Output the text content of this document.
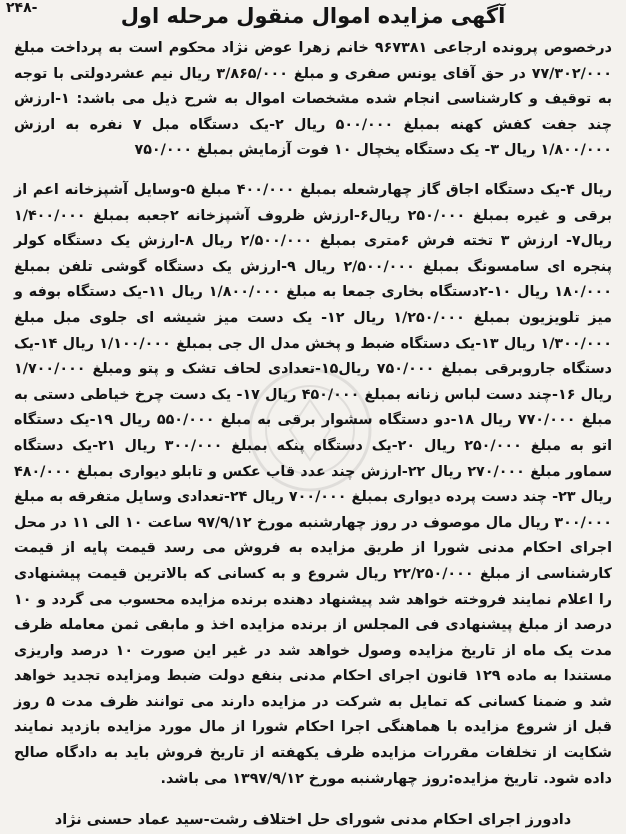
۲۴۸-	آگهی مزایده اموال منقول مرحله اول
درخصوص پرونده ارجاعی ۹۶۷۳۸۱ خانم زهرا عوض نژاد محکوم است به پرداخت مبلغ ۷۷/۳۰۲/۰۰۰ در حق آقای یونس صفری و مبلغ ۳/۸۶۵/۰۰۰ ریال نیم عشردولتی با توجه به توقیف و کارشناسی انجام شده مشخصات اموال به شرح ذیل می باشد: ۱-ارزش چند جفت کفش کهنه بمبلغ ۵۰۰/۰۰۰ ریال ۲-یک دستگاه مبل ۷ نفره به ارزش ۱/۸۰۰/۰۰۰ ریال ۳- یک دستگاه یخچال ۱۰ فوت آزمایش بمبلغ ۷۵۰/۰۰۰
ریال ۴-یک دستگاه اجاق گاز چهارشعله بمبلغ ۴۰۰/۰۰۰ مبلغ ۵-وسایل آشپزخانه اعم از برقی و غیره بمبلغ ۲۵۰/۰۰۰ ریال۶-ارزش ظروف آشپزخانه ۲جعبه بمبلغ ۱/۴۰۰/۰۰۰ ریال۷- ارزش ۳ تخته فرش ۶متری بمبلغ ۲/۵۰۰/۰۰۰ ریال ۸-ارزش یک دستگاه کولر پنجره ای سامسونگ بمبلغ ۲/۵۰۰/۰۰۰ ریال ۹-ارزش یک دستگاه گوشی تلفن بمبلغ ۱۸۰/۰۰۰ ریال ۱۰-۲دستگاه بخاری جمعا به مبلغ ۱/۸۰۰/۰۰۰ ریال ۱۱-یک دستگاه بوفه و میز تلویزیون بمبلغ ۱/۲۵۰/۰۰۰ ریال ۱۲- یک دست میز شیشه ای جلوی مبل مبلغ ۱/۳۰۰/۰۰۰ ریال ۱۳-یک دستگاه ضبط و پخش مدل ال جی بمبلغ ۱/۱۰۰/۰۰۰ ریال ۱۴-یک دستگاه جاروبرقی بمبلغ ۷۵۰/۰۰۰ ریال۱۵-تعدادی لحاف تشک و پتو ومبلغ ۱/۷۰۰/۰۰۰ ریال ۱۶-چند دست لباس زنانه بمبلغ ۴۵۰/۰۰۰ ریال ۱۷- یک دست چرخ خیاطی دستی به مبلغ ۷۷۰/۰۰۰ ریال ۱۸-دو دستگاه سشوار برقی به مبلغ ۵۵۰/۰۰۰ ریال ۱۹-یک دستگاه اتو به مبلغ ۲۵۰/۰۰۰ ریال ۲۰-یک دستگاه پنکه بمبلغ ۳۰۰/۰۰۰ ریال ۲۱-یک دستگاه سماور مبلغ ۲۷۰/۰۰۰ ریال ۲۲-ارزش چند عدد قاب عکس و تابلو دیواری بمبلغ ۴۸۰/۰۰۰ ریال ۲۳- چند دست پرده دیواری بمبلغ ۷۰۰/۰۰۰ ریال ۲۴-تعدادی وسایل متفرقه به مبلغ ۳۰۰/۰۰۰ ریال مال موصوف در روز چهارشنبه مورخ ۹۷/۹/۱۲ ساعت ۱۰ الی ۱۱ در محل اجرای احکام مدنی شورا از طریق مزایده به فروش می رسد قیمت پایه از قیمت کارشناسی از مبلغ ۲۲/۲۵۰/۰۰۰ ریال شروع و به کسانی که بالاترین قیمت پیشنهادی را اعلام نمایند فروخته خواهد شد پیشنهاد دهنده برنده مزایده محسوب می گردد و ۱۰ درصد از مبلغ پیشنهادی فی المجلس از برنده مزایده اخذ و مابقی ثمن معامله ظرف مدت یک ماه از تاریخ مزایده وصول خواهد شد در غیر این صورت ۱۰ درصد واریزی مستندا به ماده ۱۲۹ قانون اجرای احکام مدنی بنفع دولت ضبط ومزایده تجدید خواهد شد و ضمنا کسانی که تمایل به شرکت در مزایده دارند می توانند ظرف مدت ۵ روز قبل از شروع مزایده با هماهنگی اجرا احکام شورا از مال مورد مزایده بازدید نمایند شکایت از تخلفات مقررات مزایده ظرف یکهفته از تاریخ فروش باید به دادگاه صالح داده شود. تاریخ مزایده:روز چهارشنبه مورخ ۱۳۹۷/۹/۱۲ می باشد.
دادورز اجرای احکام مدنی شورای حل اختلاف رشت-سید عماد حسنی نژاد
